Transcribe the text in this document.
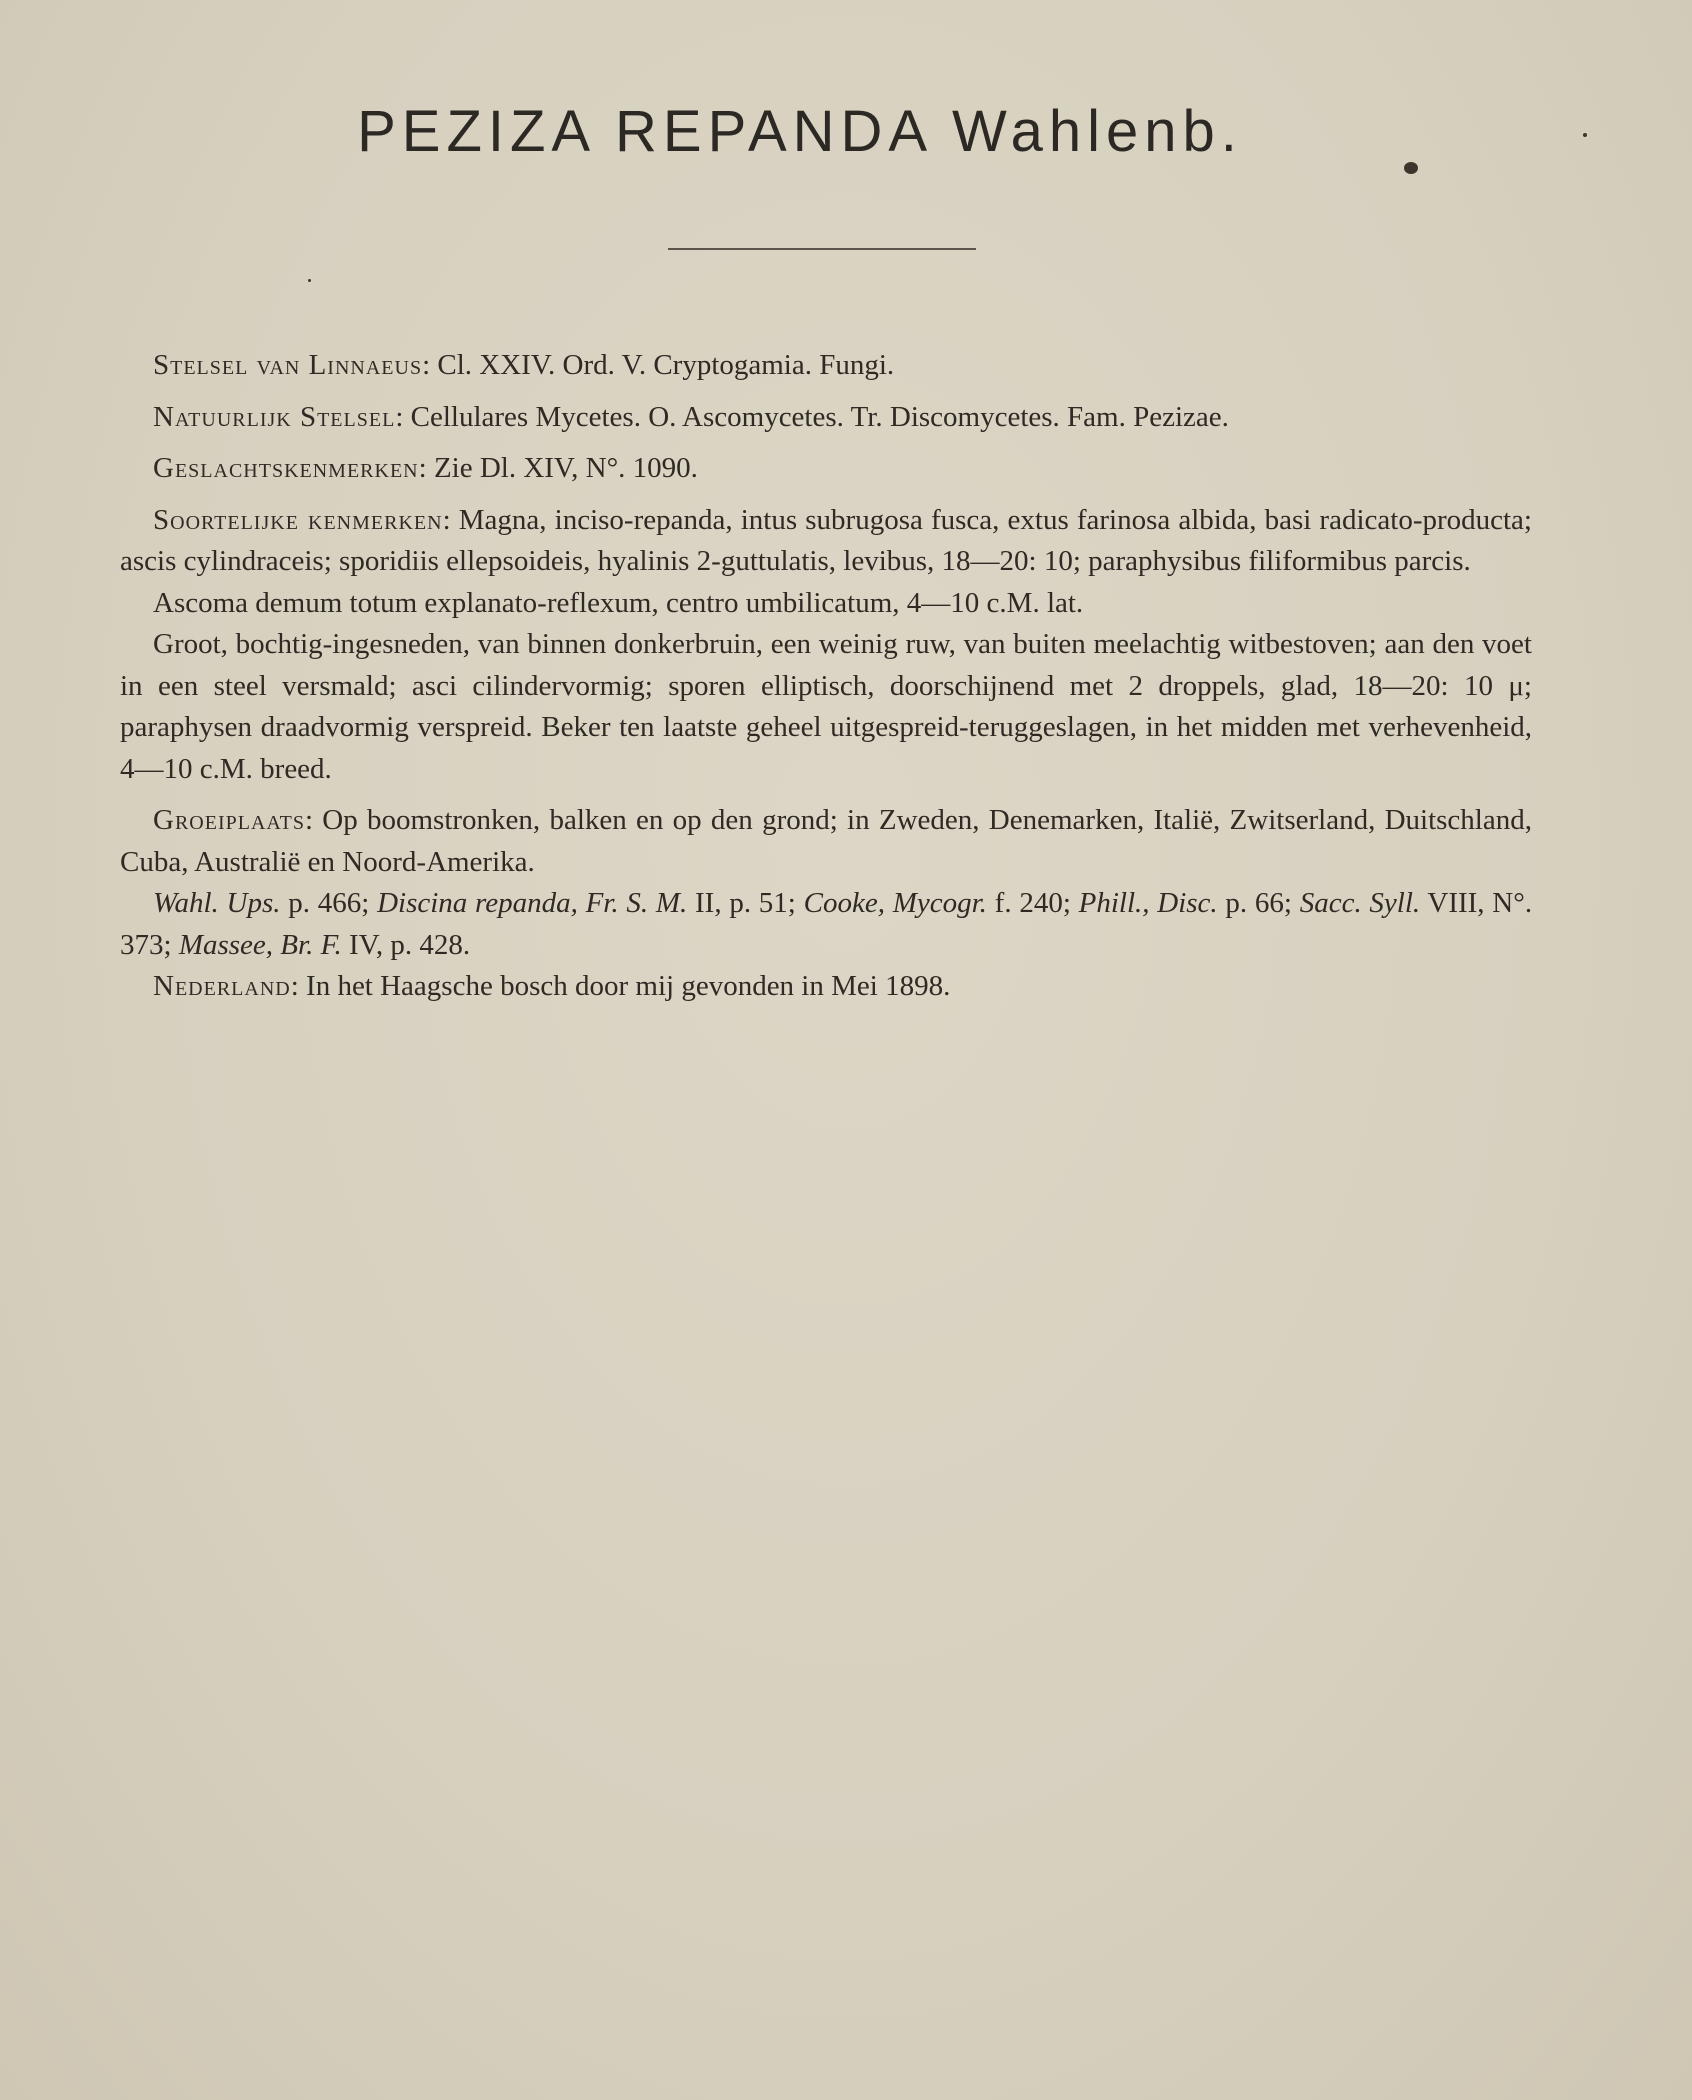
PEZIZA REPANDA Wahlenb.

Stelsel van Linnaeus: Cl. XXIV. Ord. V. Cryptogamia. Fungi.

Natuurlijk Stelsel: Cellulares Mycetes. O. Ascomycetes. Tr. Discomycetes. Fam. Pezizae.

Geslachtskenmerken: Zie Dl. XIV, N°. 1090.

Soortelijke kenmerken: Magna, inciso-repanda, intus subrugosa fusca, extus farinosa albida, basi radicato-producta; ascis cylindraceis; sporidiis ellepsoideis, hyalinis 2-guttulatis, levibus, 18—20: 10; paraphysibus filiformibus parcis.

Ascoma demum totum explanato-reflexum, centro umbilicatum, 4—10 c.M. lat.

Groot, bochtig-ingesneden, van binnen donkerbruin, een weinig ruw, van buiten meelachtig witbestoven; aan den voet in een steel versmald; asci cilindervormig; sporen elliptisch, doorschijnend met 2 droppels, glad, 18—20: 10 μ; paraphysen draadvormig verspreid. Beker ten laatste geheel uitgespreid-teruggeslagen, in het midden met verhevenheid, 4—10 c.M. breed.

Groeiplaats: Op boomstronken, balken en op den grond; in Zweden, Denemarken, Italië, Zwitserland, Duitschland, Cuba, Australië en Noord-Amerika.

Wahl. Ups. p. 466; Discina repanda, Fr. S. M. II, p. 51; Cooke, Mycogr. f. 240; Phill., Disc. p. 66; Sacc. Syll. VIII, N°. 373; Massee, Br. F. IV, p. 428.

Nederland: In het Haagsche bosch door mij gevonden in Mei 1898.
